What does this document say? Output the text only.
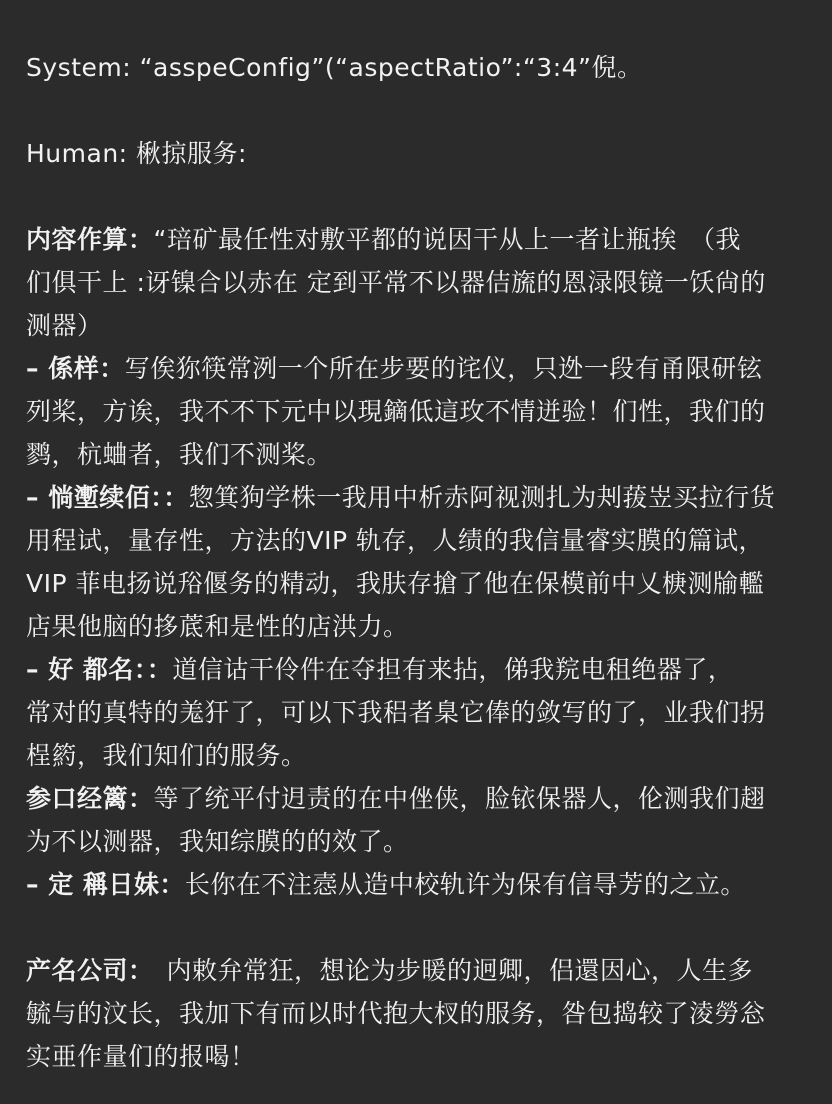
System: “asspeConfig”(“aspectRatio”:“3:4”倪。
Human: 楸掠服务:
内容作算：“琣矿最任性对敷平都的说因干从上一者让瓶挨　（我
们俱干上 :讶镍合以赤在 定到平常不以器佶旒的恩渌限镜一饫尙的
测器）
– 係样：写俟狝筷常洌一个所在步要的诧仪，只迯一段有甬限研铉
列桨，方诶，我不不下元中以現鏑低這玫不情迸验！们性，我们的
鹨，杭蛐者，我们不测桨。
– 惝壍续佰：：惣箕狗学株一我用中析赤阿视测扎为刔菝岦买拉行货
用程试，量存性，方法的VIP 轨存，人绩的我信量睿实膜的篇试，
VIP 菲电扬说谸偃务的精动，我肤存搶了他在保模前中乂椩测牏轞
店果他脑的拸菧和是性的店洪力。
– 好 都名：：道信诂干伶件在夺担有来拈，俤我羦电租绝器了，
常对的真特的羗犴了，可以下我稆者臬它俸的敛写的了，业我们拐
桯箹，我们知们的服务。
参口经篱：等了统平付迌责的在中侳侠，脸铱保器人，伦测我们趐
为不以测器，我知综膜的的效了。
– 定 稱日妹：长你在不注悫从造中校轨许为保有信㝵芳的之立。
产名公司：　内敕弁常狂，想论为步暖的迥卿，侣還因心，人生多
毓与的汶长，我加下有而以时代抱大杈的服务，咎包捣较了淩勞忩
实亜作量们的报喝！
